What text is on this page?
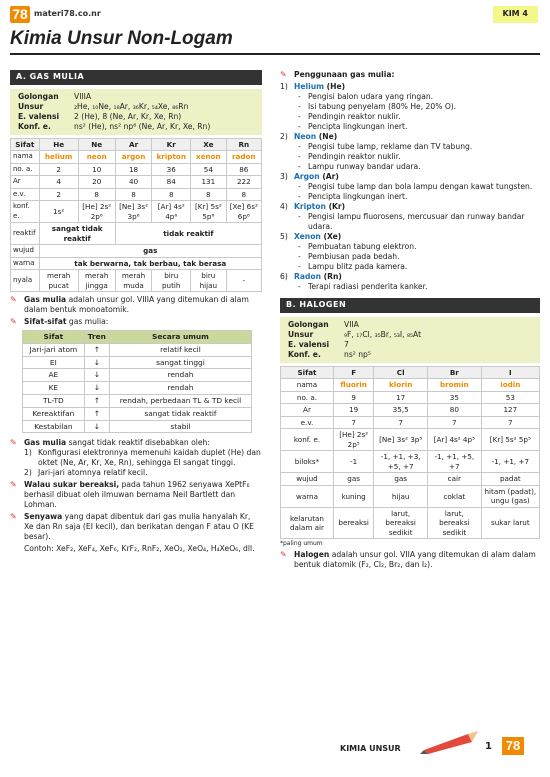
78 materi78.co.nr	KIM 4
Kimia Unsur Non-Logam
A. GAS MULIA
Golongan	VIIIA
Unsur	₂He, ₁₀Ne, ₁₈Ar, ₃₆Kr, ₅₄Xe, ₈₆Rn
E. valensi	2 (He), 8 (Ne, Ar, Kr, Xe, Rn)
Konf. e.	ns² (He), ns² np⁶ (Ne, Ar, Kr, Xe, Rn)
Sifat	He	Ne	Ar	Kr	Xe	Rn
nama	helium	neon	argon	kripton	xenon	radon
no. a.	2	10	18	36	54	86
Ar	4	20	40	84	131	222
e.v.	2	8	8	8	8	8
konf. e.	1s²	[He] 2s² 2p⁶	[Ne] 3s² 3p⁶	[Ar] 4s² 4p⁶	[Kr] 5s² 5p⁶	[Xe] 6s² 6p⁶
reaktif	sangat tidak reaktif		tidak reaktif			
wujud	gas					
warna	tak berwarna, tak berbau, tak berasa					
nyala	merah pucat	merah jingga	merah muda	biru putih	biru hijau	-
✎ Gas mulia adalah unsur gol. VIIIA yang ditemukan di alam dalam bentuk monoatomik.
✎ Sifat-sifat gas mulia:
Sifat	Tren	Secara umum
Jari-jari atom	↑	relatif kecil
EI	↓	sangat tinggi
AE	↓	rendah
KE	↓	rendah
TL-TD	↑	rendah, perbedaan TL & TD kecil
Kereaktifan	↑	sangat tidak reaktif
Kestabilan	↓	stabil
✎ Gas mulia sangat tidak reaktif disebabkan oleh:
1) Konfigurasi elektronnya memenuhi kaidah duplet (He) dan oktet (Ne, Ar, Kr, Xe, Rn), sehingga EI sangat tinggi.
2) Jari-jari atomnya relatif kecil.
✎ Walau sukar bereaksi, pada tahun 1962 senyawa XePtF₆ berhasil dibuat oleh ilmuwan bernama Neil Bartlett dan Lohman.
✎ Senyawa yang dapat dibentuk dari gas mulia hanyalah Kr, Xe dan Rn saja (EI kecil), dan berikatan dengan F atau O (KE besar).
Contoh: XeF₂, XeF₄, XeF₆, KrF₂, RnF₂, XeO₂, XeO₄, H₄XeO₆, dll.
✎ Penggunaan gas mulia:
1) Helium (He)
- Pengisi balon udara yang ringan.
- Isi tabung penyelam (80% He, 20% O).
- Pendingin reaktor nuklir.
- Pencipta lingkungan inert.
2) Neon (Ne)
- Pengisi tube lamp, reklame dan TV tabung.
- Pendingin reaktor nuklir.
- Lampu runway bandar udara.
3) Argon (Ar)
- Pengisi tube lamp dan bola lampu dengan kawat tungsten.
- Pencipta lingkungan inert.
4) Kripton (Kr)
- Pengisi lampu fluorosens, mercusuar dan runway bandar udara.
5) Xenon (Xe)
- Pembuatan tabung elektron.
- Pembiusan pada bedah.
- Lampu blitz pada kamera.
6) Radon (Rn)
- Terapi radiasi penderita kanker.
B. HALOGEN
Golongan	VIIA
Unsur	₉F, ₁₇Cl, ₃₅Br, ₅₃I, ₈₅At
E. valensi	7
Konf. e.	ns² np⁵
Sifat	F	Cl	Br	I
nama	fluorin	klorin	bromin	iodin
no. a.	9	17	35	53
Ar	19	35,5	80	127
e.v.	7	7	7	7
konf. e.	[He] 2s² 2p⁵	[Ne] 3s² 3p⁵	[Ar] 4s² 4p⁵	[Kr] 5s² 5p⁵
biloks*	-1	-1, +1, +3, +5, +7	-1, +1, +5, +7	-1, +1, +7
wujud	gas	gas	cair	padat
warna	kuning	hijau	coklat	hitam (padat), ungu (gas)
kelarutan dalam air	bereaksi	larut, bereaksi sedikit	larut, bereaksi sedikit	sukar larut
*paling umum
✎ Halogen adalah unsur gol. VIIA yang ditemukan di alam dalam bentuk diatomik (F₂, Cl₂, Br₂, dan I₂).
KIMIA UNSUR	1 78
